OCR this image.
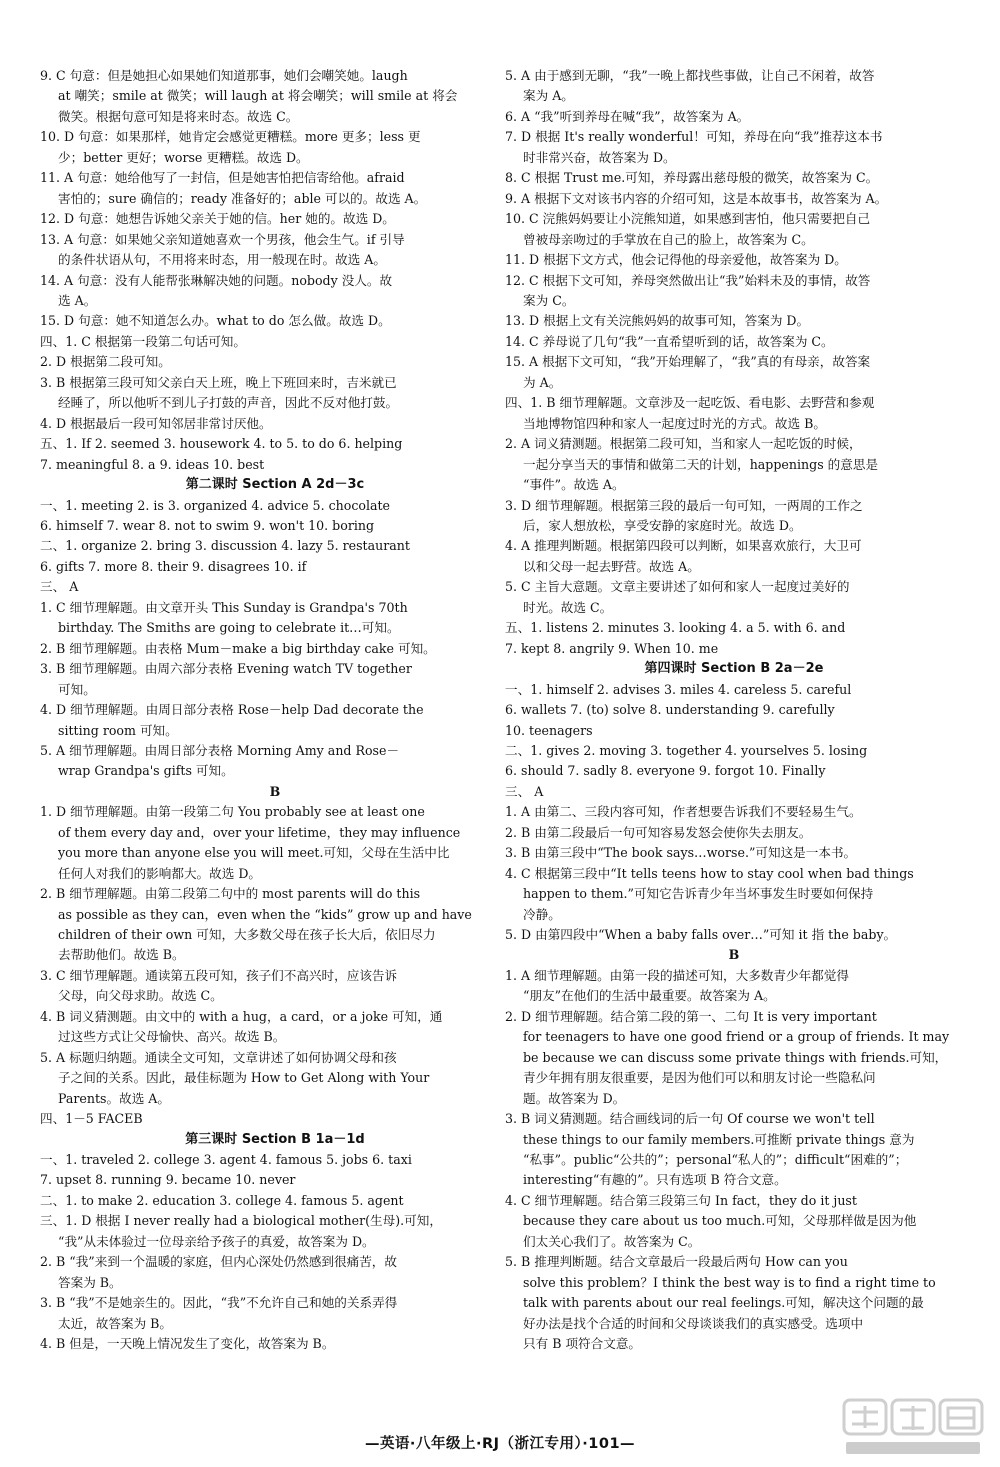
9. C 句意：但是她担心如果她们知道那事，她们会嘲笑她。laugh
at 嘲笑；smile at 微笑；will laugh at 将会嘲笑；will smile at 将会
微笑。根据句意可知是将来时态。故选 C。
10. D 句意：如果那样，她肯定会感觉更糟糕。more 更多；less 更
少；better 更好；worse 更糟糕。故选 D。
11. A 句意：她给他写了一封信，但是她害怕把信寄给他。afraid
害怕的；sure 确信的；ready 准备好的；able 可以的。故选 A。
12. D 句意：她想告诉她父亲关于她的信。her 她的。故选 D。
13. A 句意：如果她父亲知道她喜欢一个男孩，他会生气。if 引导
的条件状语从句，不用将来时态，用一般现在时。故选 A。
14. A 句意：没有人能帮张琳解决她的问题。nobody 没人。故
选 A。
15. D 句意：她不知道怎么办。what to do 怎么做。故选 D。
四、1. C 根据第一段第二句话可知。
2. D 根据第二段可知。
3. B 根据第三段可知父亲白天上班，晚上下班回来时，吉米就已
经睡了，所以他听不到儿子打鼓的声音，因此不反对他打鼓。
4. D 根据最后一段可知邻居非常讨厌他。
五、1. If 2. seemed 3. housework 4. to 5. to do 6. helping
7. meaningful 8. a 9. ideas 10. best
第二课时 Section A 2d－3c
一、1. meeting 2. is 3. organized 4. advice 5. chocolate
6. himself 7. wear 8. not to swim 9. won't 10. boring
二、1. organize 2. bring 3. discussion 4. lazy 5. restaurant
6. gifts 7. more 8. their 9. disagrees 10. if
三、 A
1. C 细节理解题。由文章开头 This Sunday is Grandpa's 70th
birthday. The Smiths are going to celebrate it…可知。
2. B 细节理解题。由表格 Mum－make a big birthday cake 可知。
3. B 细节理解题。由周六部分表格 Evening watch TV together
可知。
4. D 细节理解题。由周日部分表格 Rose－help Dad decorate the
sitting room 可知。
5. A 细节理解题。由周日部分表格 Morning Amy and Rose－
wrap Grandpa's gifts 可知。
B
1. D 细节理解题。由第一段第二句 You probably see at least one
of them every day and，over your lifetime，they may influence
you more than anyone else you will meet.可知，父母在生活中比
任何人对我们的影响都大。故选 D。
2. B 细节理解题。由第二段第二句中的 most parents will do this
as possible as they can，even when the “kids” grow up and have
children of their own 可知，大多数父母在孩子长大后，依旧尽力
去帮助他们。故选 B。
3. C 细节理解题。通读第五段可知，孩子们不高兴时，应该告诉
父母，向父母求助。故选 C。
4. B 词义猜测题。由文中的 with a hug，a card，or a joke 可知，通
过这些方式让父母愉快、高兴。故选 B。
5. A 标题归纳题。通读全文可知，文章讲述了如何协调父母和孩
子之间的关系。因此，最佳标题为 How to Get Along with Your
Parents。故选 A。
四、1－5 FACEB
第三课时 Section B 1a－1d
一、1. traveled 2. college 3. agent 4. famous 5. jobs 6. taxi
7. upset 8. running 9. became 10. never
二、1. to make 2. education 3. college 4. famous 5. agent
三、1. D 根据 I never really had a biological mother(生母).可知，
“我”从未体验过一位母亲给予孩子的真爱，故答案为 D。
2. B “我”来到一个温暖的家庭，但内心深处仍然感到很痛苦，故
答案为 B。
3. B “我”不是她亲生的。因此，“我”不允许自己和她的关系弄得
太近，故答案为 B。
4. B 但是，一天晚上情况发生了变化，故答案为 B。
5. A 由于感到无聊，“我”一晚上都找些事做，让自己不闲着，故答
案为 A。
6. A “我”听到养母在喊“我”，故答案为 A。
7. D 根据 It's really wonderful！可知，养母在向“我”推荐这本书
时非常兴奋，故答案为 D。
8. C 根据 Trust me.可知，养母露出慈母般的微笑，故答案为 C。
9. A 根据下文对该书内容的介绍可知，这是本故事书，故答案为 A。
10. C 浣熊妈妈要让小浣熊知道，如果感到害怕，他只需要把自己
曾被母亲吻过的手掌放在自己的脸上，故答案为 C。
11. D 根据下文方式，他会记得他的母亲爱他，故答案为 D。
12. C 根据下文可知，养母突然做出让“我”始料未及的事情，故答
案为 C。
13. D 根据上文有关浣熊妈妈的故事可知，答案为 D。
14. C 养母说了几句“我”一直希望听到的话，故答案为 C。
15. A 根据下文可知，“我”开始理解了，“我”真的有母亲，故答案
为 A。
四、1. B 细节理解题。文章涉及一起吃饭、看电影、去野营和参观
当地博物馆四种和家人一起度过时光的方式。故选 B。
2. A 词义猜测题。根据第二段可知，当和家人一起吃饭的时候，
一起分享当天的事情和做第二天的计划，happenings 的意思是
“事件”。故选 A。
3. D 细节理解题。根据第三段的最后一句可知，一两周的工作之
后，家人想放松，享受安静的家庭时光。故选 D。
4. A 推理判断题。根据第四段可以判断，如果喜欢旅行，大卫可
以和父母一起去野营。故选 A。
5. C 主旨大意题。文章主要讲述了如何和家人一起度过美好的
时光。故选 C。
五、1. listens 2. minutes 3. looking 4. a 5. with 6. and
7. kept 8. angrily 9. When 10. me
第四课时 Section B 2a－2e
一、1. himself 2. advises 3. miles 4. careless 5. careful
6. wallets 7. (to) solve 8. understanding 9. carefully
10. teenagers
二、1. gives 2. moving 3. together 4. yourselves 5. losing
6. should 7. sadly 8. everyone 9. forgot 10. Finally
三、 A
1. A 由第二、三段内容可知，作者想要告诉我们不要轻易生气。
2. B 由第二段最后一句可知容易发怒会使你失去朋友。
3. B 由第三段中“The book says…worse.”可知这是一本书。
4. C 根据第三段中“It tells teens how to stay cool when bad things
happen to them.”可知它告诉青少年当坏事发生时要如何保持
冷静。
5. D 由第四段中“When a baby falls over…”可知 it 指 the baby。
B
1. A 细节理解题。由第一段的描述可知，大多数青少年都觉得
“朋友”在他们的生活中最重要。故答案为 A。
2. D 细节理解题。结合第二段的第一、二句 It is very important
for teenagers to have one good friend or a group of friends. It may
be because we can discuss some private things with friends.可知，
青少年拥有朋友很重要，是因为他们可以和朋友讨论一些隐私问
题。故答案为 D。
3. B 词义猜测题。结合画线词的后一句 Of course we won't tell
these things to our family members.可推断 private things 意为
“私事”。public“公共的”；personal“私人的”；difficult“困难的”；
interesting“有趣的”。只有选项 B 符合文意。
4. C 细节理解题。结合第三段第三句 In fact，they do it just
because they care about us too much.可知，父母那样做是因为他
们太关心我们了。故答案为 C。
5. B 推理判断题。结合文章最后一段最后两句 How can you
solve this problem？I think the best way is to find a right time to
talk with parents about our real feelings.可知，解决这个问题的最
好办法是找个合适的时间和父母谈谈我们的真实感受。选项中
只有 B 项符合文意。
—英语·八年级上·RJ（浙江专用）·101—
